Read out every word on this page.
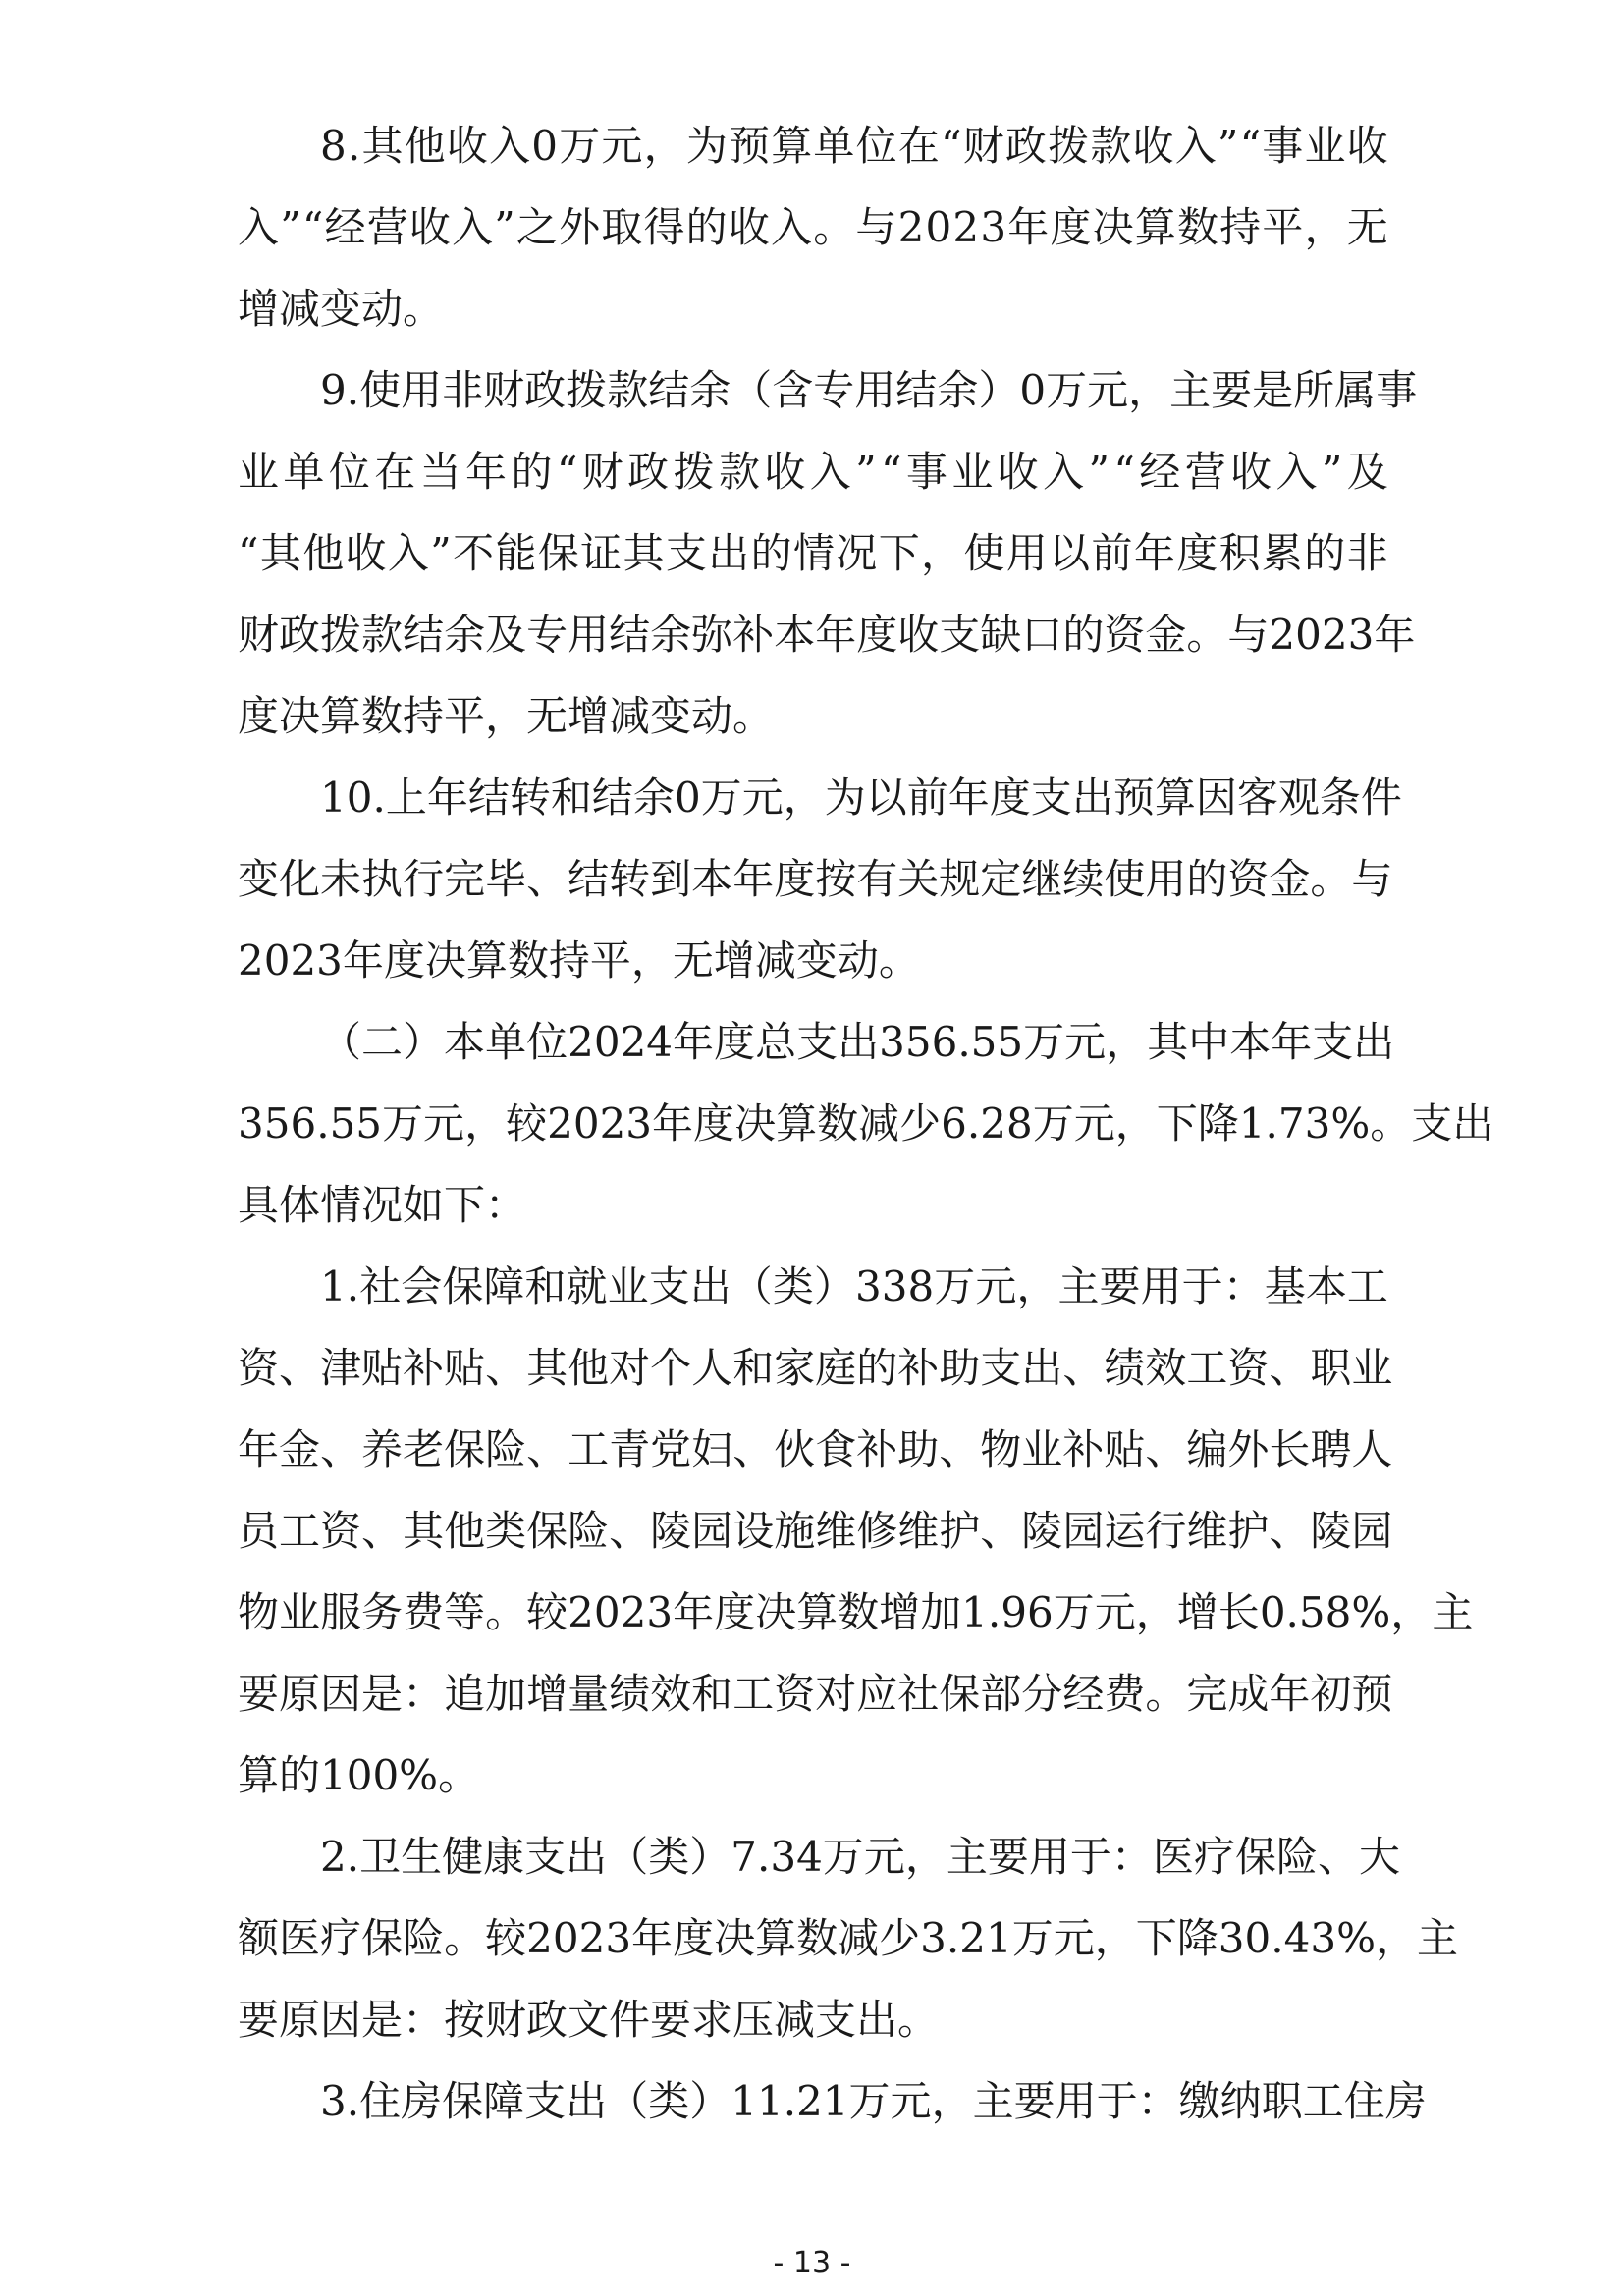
8 . 其 他 收 入 0 万 元 ， 为 预 算 单 位 在 “ 财 政 拨 款 收 入 ” “ 事 业 收
入 ” “ 经 营 收 入 ” 之 外 取 得 的 收 入 。 与 2 0 2 3 年 度 决 算 数 持 平 ， 无
增减变动。
9 . 使 用 非 财 政 拨 款 结 余 （ 含 专 用 结 余 ） 0 万 元 ， 主 要 是 所 属 事
业 单 位 在 当 年 的 “ 财 政 拨 款 收 入 ” “ 事 业 收 入 ” “ 经 营 收 入 ” 及
“ 其 他 收 入 ” 不 能 保 证 其 支 出 的 情 况 下 ， 使 用 以 前 年 度 积 累 的 非
财 政 拨 款 结 余 及 专 用 结 余 弥 补 本 年 度 收 支 缺 口 的 资 金 。 与 2 0 2 3 年
度决算数持平，无增减变动。
1 0 . 上 年 结 转 和 结 余 0 万 元 ， 为 以 前 年 度 支 出 预 算 因 客 观 条 件
变 化 未 执 行 完 毕 、 结 转 到 本 年 度 按 有 关 规 定 继 续 使 用 的 资 金 。 与
2023年度决算数持平，无增减变动。
（ 二 ） 本 单 位 2 0 2 4 年 度 总 支 出 3 5 6 . 5 5 万 元 ， 其 中 本 年 支 出
3 5 6 . 5 5 万 元 ， 较 2 0 2 3 年 度 决 算 数 减 少 6 . 2 8 万 元 ， 下 降 1 . 7 3 % 。 支 出
具体情况如下：
1 . 社 会 保 障 和 就 业 支 出 （ 类 ） 3 3 8 万 元 ， 主 要 用 于 ： 基 本 工
资 、 津 贴 补 贴 、 其 他 对 个 人 和 家 庭 的 补 助 支 出 、 绩 效 工 资 、 职 业
年 金 、 养 老 保 险 、 工 青 党 妇 、 伙 食 补 助 、 物 业 补 贴 、 编 外 长 聘 人
员 工 资 、 其 他 类 保 险 、 陵 园 设 施 维 修 维 护 、 陵 园 运 行 维 护 、 陵 园
物 业 服 务 费 等 。 较 2 0 2 3 年 度 决 算 数 增 加 1 . 9 6 万 元 ， 增 长 0 . 5 8 % ， 主
要 原 因 是 ： 追 加 增 量 绩 效 和 工 资 对 应 社 保 部 分 经 费 。 完 成 年 初 预
算的100%。
2 . 卫 生 健 康 支 出 （ 类 ） 7 . 3 4 万 元 ， 主 要 用 于 ： 医 疗 保 险 、 大
额 医 疗 保 险 。 较 2 0 2 3 年 度 决 算 数 减 少 3 . 2 1 万 元 ， 下 降 3 0 . 4 3 % ， 主
要原因是：按财政文件要求压减支出。
3 . 住 房 保 障 支 出 （ 类 ） 1 1 . 2 1 万 元 ， 主 要 用 于 ： 缴 纳 职 工 住 房
- 13 -
